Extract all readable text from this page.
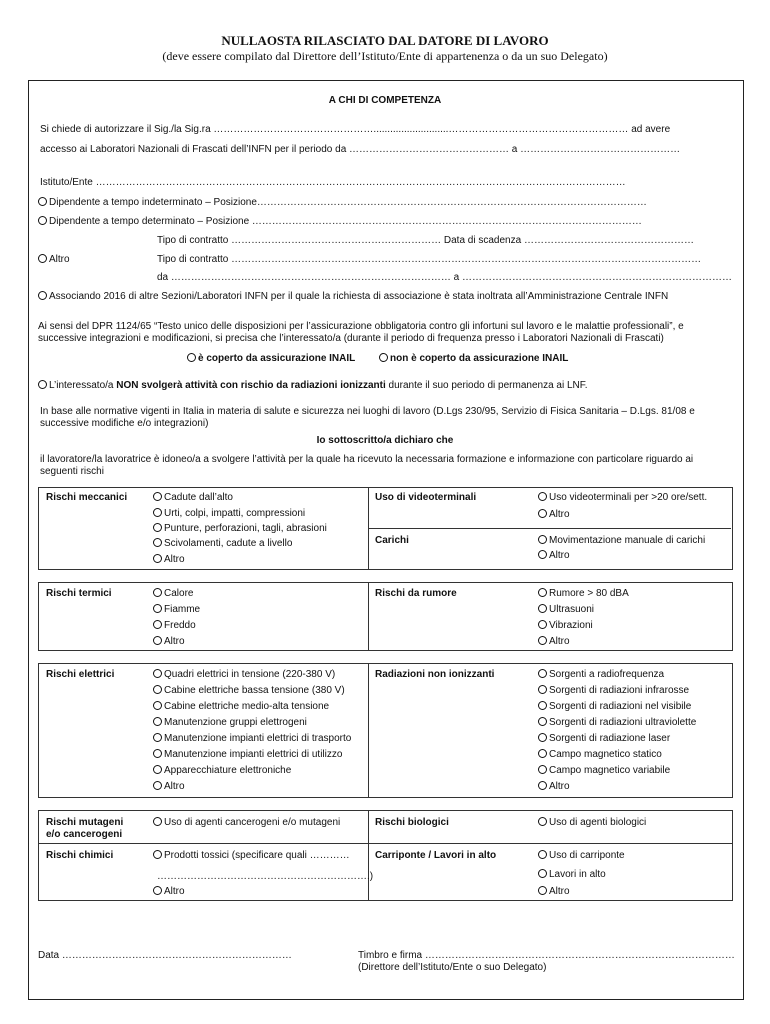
NULLAOSTA RILASCIATO DAL DATORE DI LAVORO
(deve essere compilato dal Direttore dell’Istituto/Ente di appartenenza o da un suo Delegato)
A CHI DI COMPETENZA
Si chiede di autorizzare il Sig./la Sig.ra …………………………………………...........................……………………………………………… ad avere
accesso ai Laboratori Nazionali di Frascati dell’INFN per il periodo da ………………………………………… a …………………………………………
Istituto/Ente ……………………………………………………………………………………………………………………………………………
Dipendente a tempo indeterminato – Posizione………………………………………………………………………………………………………
Dipendente a tempo determinato – Posizione ………………………………………………………………………………………………………
Tipo di contratto ……………………………………………………… Data di scadenza ……………………………………………
Altro	Tipo di contratto ……………………………………………………………………………………………………………………………
da ………………………………………………………………………… a ………………………………………………………………………
Associando 2016 di altre Sezioni/Laboratori INFN per il quale la richiesta di associazione è stata inoltrata all’Amministrazione Centrale INFN
Ai sensi del DPR 1124/65 “Testo unico delle disposizioni per l’assicurazione obbligatoria contro gli infortuni sul lavoro e le malattie professionali”, e
successive integrazioni e modificazioni, si precisa che l’interessato/a (durante il periodo di frequenza presso i Laboratori Nazionali di Frascati)
è coperto da assicurazione INAIL	non è coperto da assicurazione INAIL
L’interessato/a NON svolgerà attività con rischio da radiazioni ionizzanti durante il suo periodo di permanenza ai LNF.
In base alle normative vigenti in Italia in materia di salute e sicurezza nei luoghi di lavoro (D.Lgs 230/95, Servizio di Fisica Sanitaria – D.Lgs. 81/08 e
successive modifiche e/o integrazioni)
Io sottoscritto/a dichiaro che
il lavoratore/la lavoratrice è idoneo/a a svolgere l’attività per la quale ha ricevuto la necessaria formazione e informazione con particolare riguardo ai
seguenti rischi
Rischi meccanici	Cadute dall’alto
Urti, colpi, impatti, compressioni
Punture, perforazioni, tagli, abrasioni
Scivolamenti, cadute a livello
Altro
Uso di videoterminali	Uso videoterminali per >20 ore/sett.
Altro
Carichi	Movimentazione manuale di carichi
Altro
Rischi termici	Calore
Fiamme
Freddo
Altro
Rischi da rumore	Rumore > 80 dBA
Ultrasuoni
Vibrazioni
Altro
Rischi elettrici	Quadri elettrici in tensione (220-380 V)
Cabine elettriche bassa tensione (380 V)
Cabine elettriche medio-alta tensione
Manutenzione gruppi elettrogeni
Manutenzione impianti elettrici di trasporto
Manutenzione impianti elettrici di utilizzo
Apparecchiature elettroniche
Altro
Radiazioni non ionizzanti	Sorgenti a radiofrequenza
Sorgenti di radiazioni infrarosse
Sorgenti di radiazioni nel visibile
Sorgenti di radiazioni ultraviolette
Sorgenti di radiazione laser
Campo magnetico statico
Campo magnetico variabile
Altro
Rischi mutageni
e/o cancerogeni
Uso di agenti cancerogeni e/o mutageni	Rischi biologici	Uso di agenti biologici
Rischi chimici	Prodotti tossici (specificare quali …………
……………………………………………………….)
Altro
Carriponte / Lavori in alto	Uso di carriponte
Lavori in alto
Altro
Data ……………………………………………………………	Timbro e firma …………………………………………………………………………………
(Direttore dell’Istituto/Ente o suo Delegato)
